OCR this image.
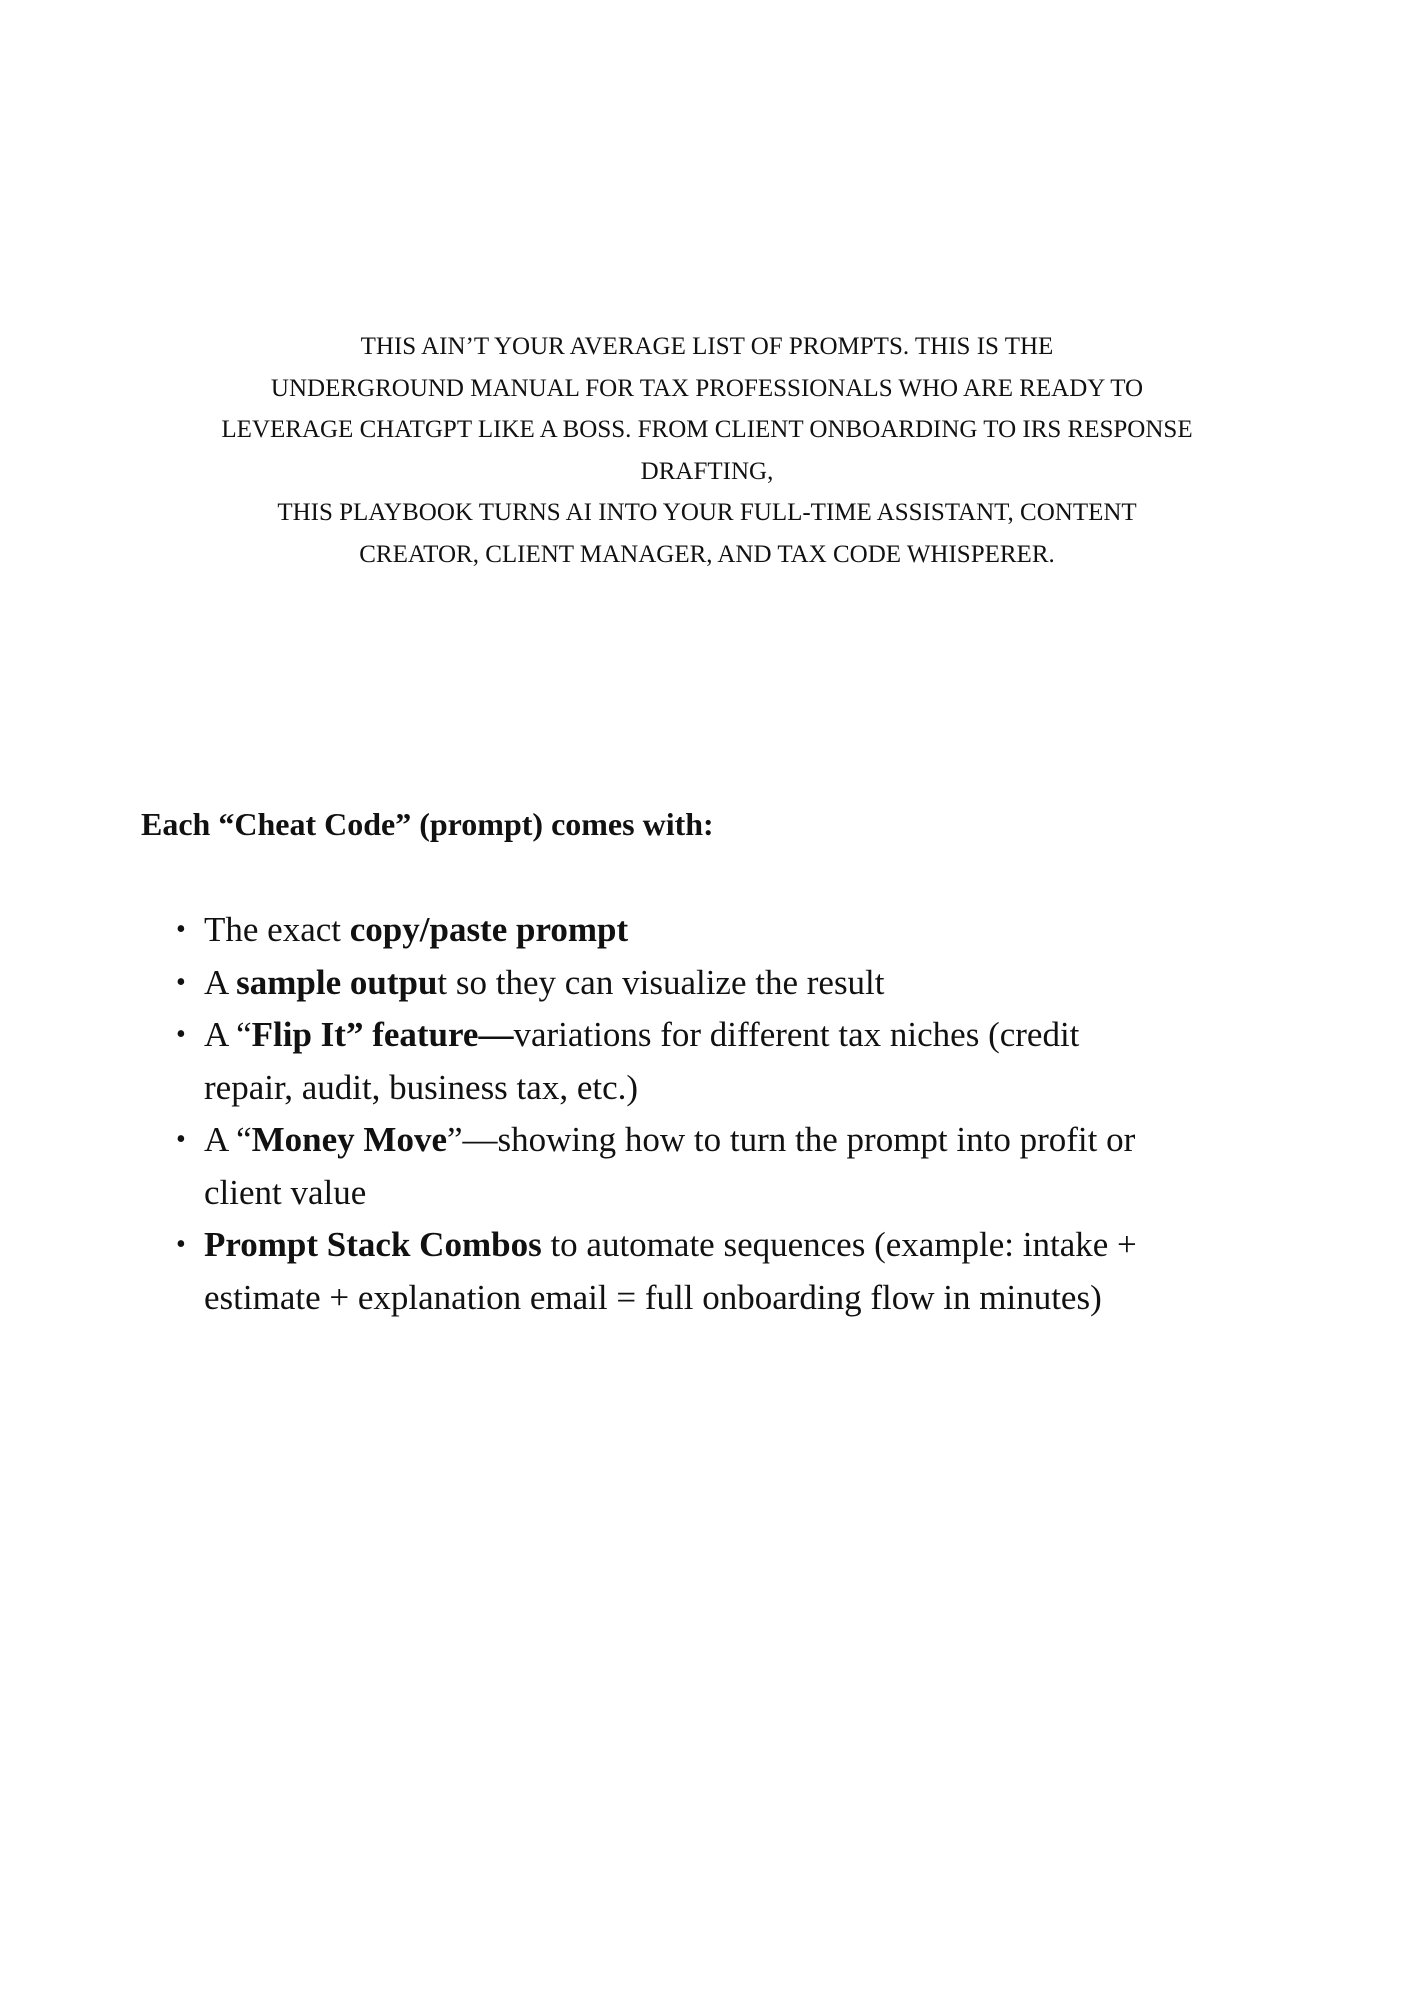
THIS AIN’T YOUR AVERAGE LIST OF PROMPTS. THIS IS THE
UNDERGROUND MANUAL FOR TAX PROFESSIONALS WHO ARE READY TO
LEVERAGE CHATGPT LIKE A BOSS. FROM CLIENT ONBOARDING TO IRS RESPONSE
DRAFTING,
THIS PLAYBOOK TURNS AI INTO YOUR FULL-TIME ASSISTANT, CONTENT
CREATOR, CLIENT MANAGER, AND TAX CODE WHISPERER.
Each “Cheat Code” (prompt) comes with:
• The exact copy/paste prompt
• A sample output so they can visualize the result
• A “Flip It” feature—variations for different tax niches (credit
repair, audit, business tax, etc.)
• A “Money Move”—showing how to turn the prompt into profit or
client value
• Prompt Stack Combos to automate sequences (example: intake +
estimate + explanation email = full onboarding flow in minutes)
